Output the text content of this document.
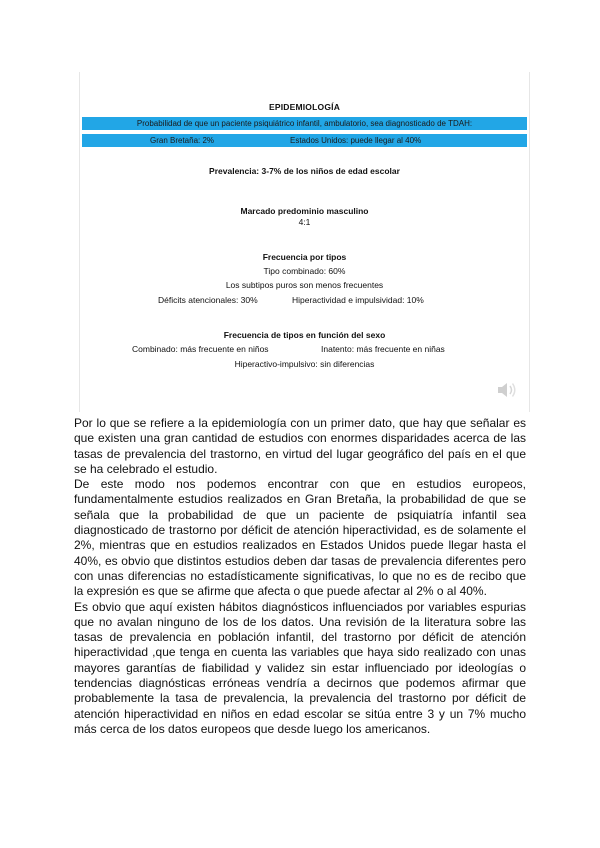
EPIDEMIOLOGÍA
Probabilidad de que un paciente psiquiátrico infantil, ambulatorio, sea diagnosticado de TDAH:
Gran Bretaña: 2%	Estados Unidos: puede llegar al 40%
Prevalencia: 3-7% de los niños de edad escolar
Marcado predominio masculino
4:1
Frecuencia por tipos
Tipo combinado: 60%
Los subtipos puros son menos frecuentes
Déficits atencionales: 30%	Hiperactividad e impulsividad: 10%
Frecuencia de tipos en función del sexo
Combinado: más frecuente en niños	Inatento: más frecuente en niñas
Hiperactivo-impulsivo: sin diferencias

Por lo que se refiere a la epidemiología con un primer dato, que hay que señalar es que existen una gran cantidad de estudios con enormes disparidades acerca de las tasas de prevalencia del trastorno, en virtud del lugar geográfico del país en el que se ha celebrado el estudio.

De este modo nos podemos encontrar con que en estudios europeos, fundamentalmente estudios realizados en Gran Bretaña, la probabilidad de que se señala que la probabilidad de que un paciente de psiquiatría infantil sea diagnosticado de trastorno por déficit de atención hiperactividad, es de solamente el 2%, mientras que en estudios realizados en Estados Unidos puede llegar hasta el 40%, es obvio que distintos estudios deben dar tasas de prevalencia diferentes pero con unas diferencias no estadísticamente significativas, lo que no es de recibo que la expresión es que se afirme que afecta o que puede afectar al 2% o al 40%.

Es obvio que aquí existen hábitos diagnósticos influenciados por variables espurias que no avalan ninguno de los de los datos. Una revisión de la literatura sobre las tasas de prevalencia en población infantil, del trastorno por déficit de atención hiperactividad ,que tenga en cuenta las variables que haya sido realizado con unas mayores garantías de fiabilidad y validez sin estar influenciado por ideologías o tendencias diagnósticas erróneas vendría a decirnos que podemos afirmar que probablemente la tasa de prevalencia, la prevalencia del trastorno por déficit de atención hiperactividad en niños en edad escolar se sitúa entre 3 y un 7% mucho más cerca de los datos europeos que desde luego los americanos.
